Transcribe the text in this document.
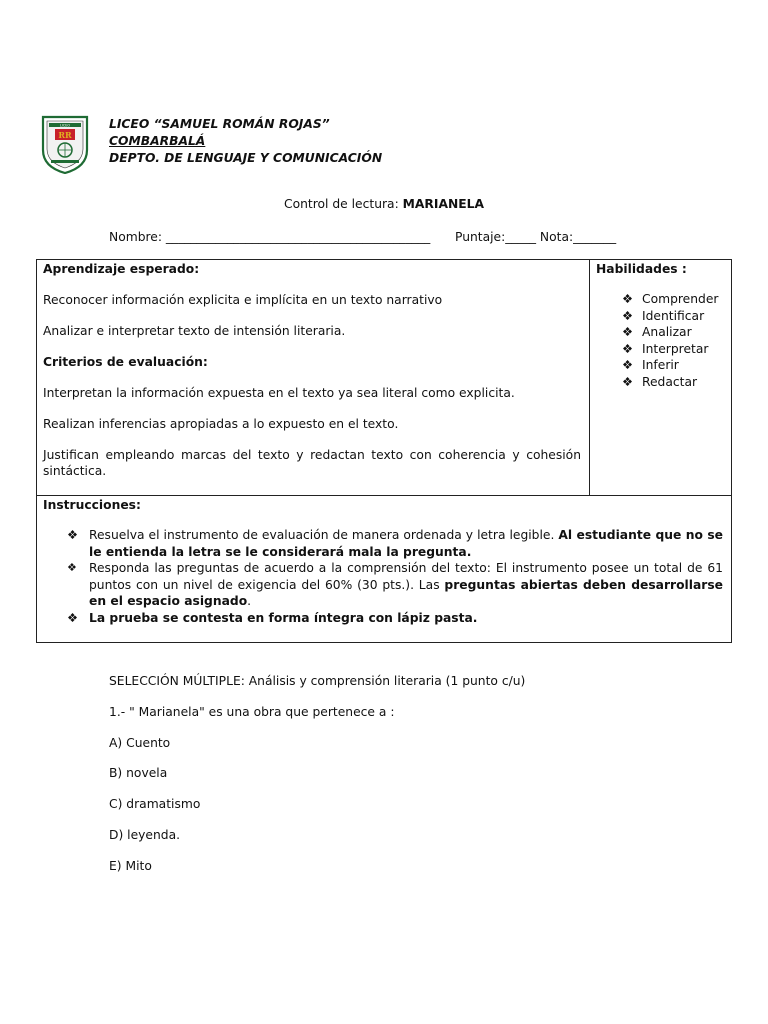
LICEO
RR
LICEO “SAMUEL ROMÁN ROJAS”
COMBARBALÁ
DEPTO. DE LENGUAJE Y COMUNICACIÓN
Control de lectura: MARIANELA
Nombre: ___________________________________________ Puntaje:_____ Nota:_______

Aprendizaje esperado:

Reconocer información explicita e implícita en un texto narrativo

Analizar e interpretar texto de intensión literaria.

Criterios de evaluación:

Interpretan la información expuesta en el texto ya sea literal como explicita.

Realizan inferencias apropiadas a lo expuesto en el texto.

Justifican empleando marcas del texto y redactan texto con coherencia y cohesión sintáctica.

Habilidades :

❖ Comprender
❖ Identificar
❖ Analizar
❖ Interpretar
❖ Inferir
❖ Redactar

Instrucciones:

❖ Resuelva el instrumento de evaluación de manera ordenada y letra legible. Al estudiante que no se le entienda la letra se le considerará mala la pregunta.
❖ Responda las preguntas de acuerdo a la comprensión del texto: El instrumento posee un total de 61 puntos con un nivel de exigencia del 60% (30 pts.). Las preguntas abiertas deben desarrollarse en el espacio asignado.
❖ La prueba se contesta en forma íntegra con lápiz pasta.
SELECCIÓN MÚLTIPLE: Análisis y comprensión literaria (1 punto c/u)
1.- " Marianela" es una obra que pertenece a :
A) Cuento
B) novela
C) dramatismo
D) leyenda.
E) Mito
